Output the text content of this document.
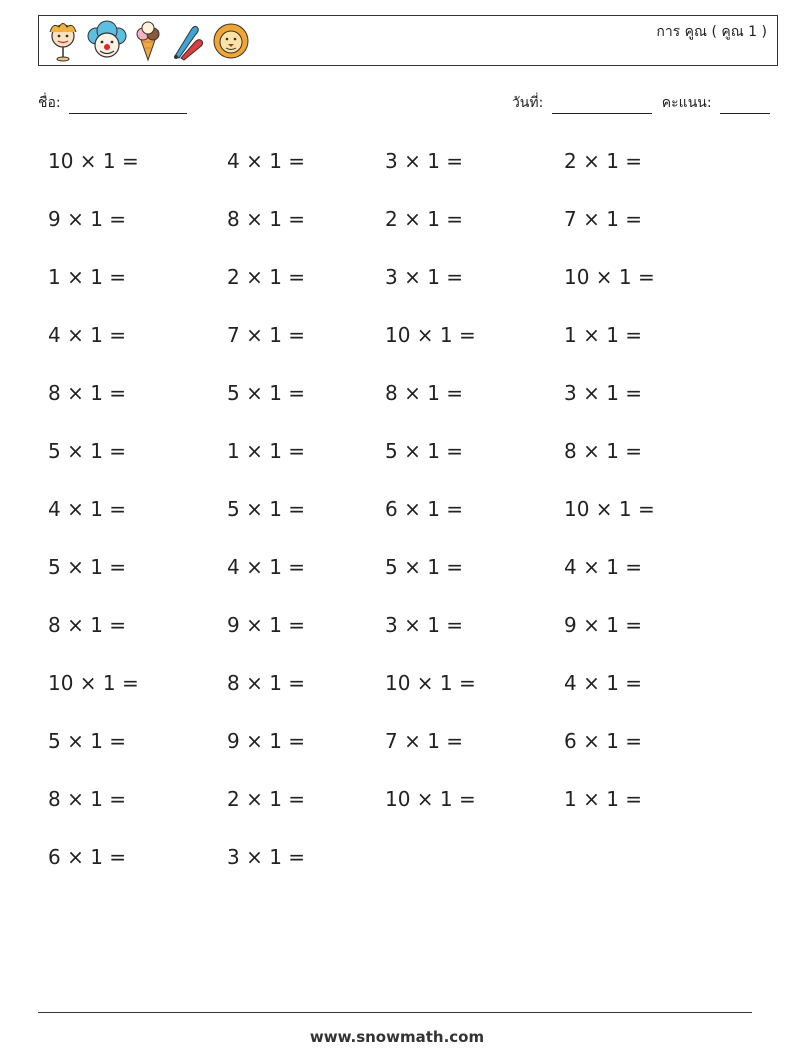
การ คูณ ( คูณ 1 )
ชื่อ:	วันที่:	คะแนน:
10 × 1 =	4 × 1 =	3 × 1 =	2 × 1 =
9 × 1 =	8 × 1 =	2 × 1 =	7 × 1 =
1 × 1 =	2 × 1 =	3 × 1 =	10 × 1 =
4 × 1 =	7 × 1 =	10 × 1 =	1 × 1 =
8 × 1 =	5 × 1 =	8 × 1 =	3 × 1 =
5 × 1 =	1 × 1 =	5 × 1 =	8 × 1 =
4 × 1 =	5 × 1 =	6 × 1 =	10 × 1 =
5 × 1 =	4 × 1 =	5 × 1 =	4 × 1 =
8 × 1 =	9 × 1 =	3 × 1 =	9 × 1 =
10 × 1 =	8 × 1 =	10 × 1 =	4 × 1 =
5 × 1 =	9 × 1 =	7 × 1 =	6 × 1 =
8 × 1 =	2 × 1 =	10 × 1 =	1 × 1 =
6 × 1 =	3 × 1 =
www.snowmath.com
